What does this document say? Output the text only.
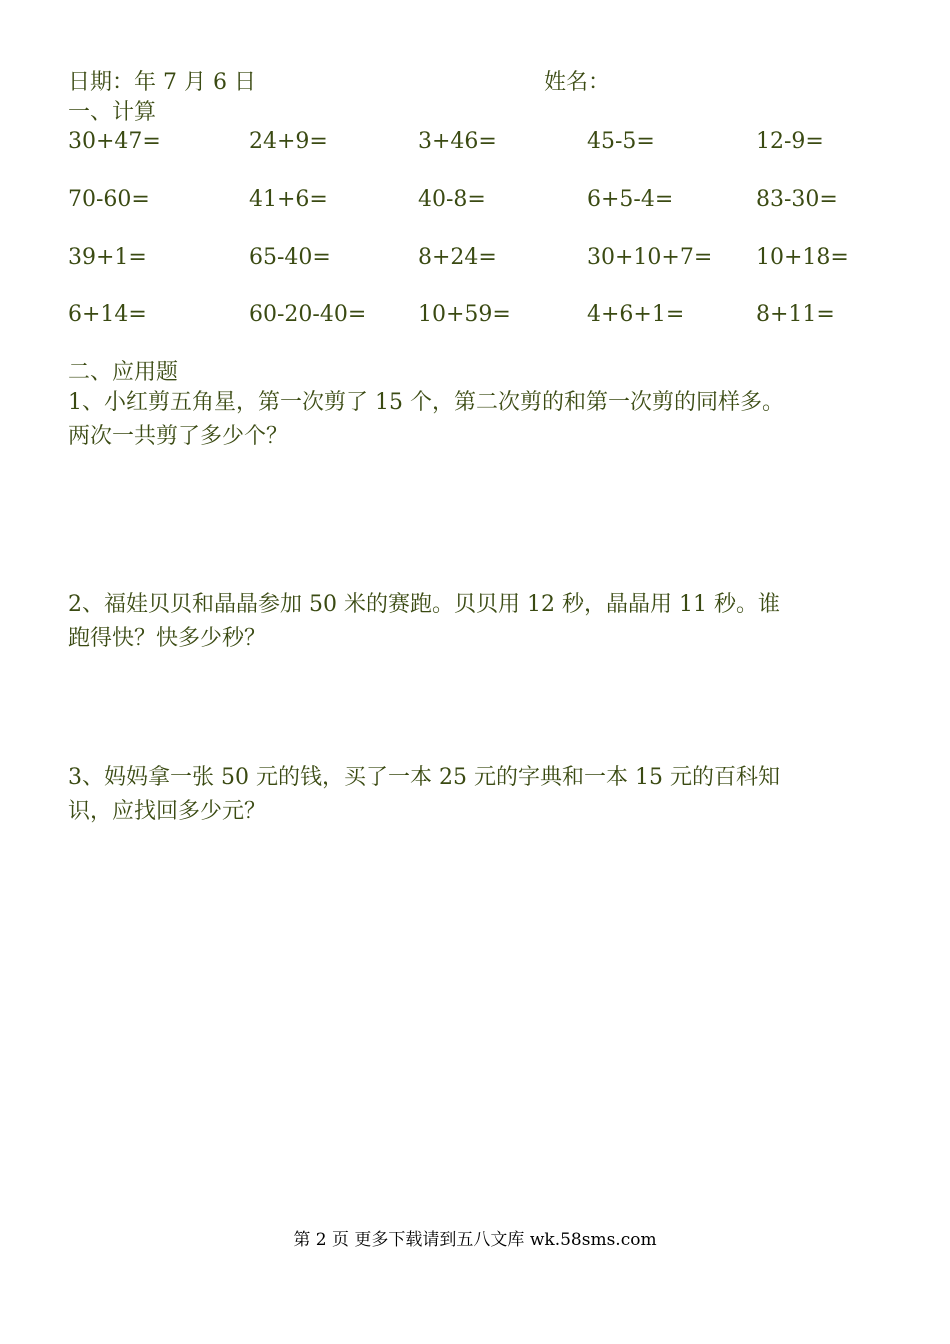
日期：年 7 月 6 日	姓名：
一、计算
30+47=	24+9=	3+46=	45-5=	12-9=
70-60=	41+6=	40-8=	6+5-4=	83-30=
39+1=	65-40=	8+24=	30+10+7= 10+18=
6+14=	60-20-40= 10+59=	4+6+1=	8+11=
二、应用题
1、小红剪五角星，第一次剪了 15 个，第二次剪的和第一次剪的同样多。
两次一共剪了多少个？
2、福娃贝贝和晶晶参加 50 米的赛跑。贝贝用 12 秒，晶晶用 11 秒。谁
跑得快？快多少秒？
3、妈妈拿一张 50 元的钱，买了一本 25 元的字典和一本 15 元的百科知
识，应找回多少元？
第 2 页 更多下载请到五八文库 wk.58sms.com
